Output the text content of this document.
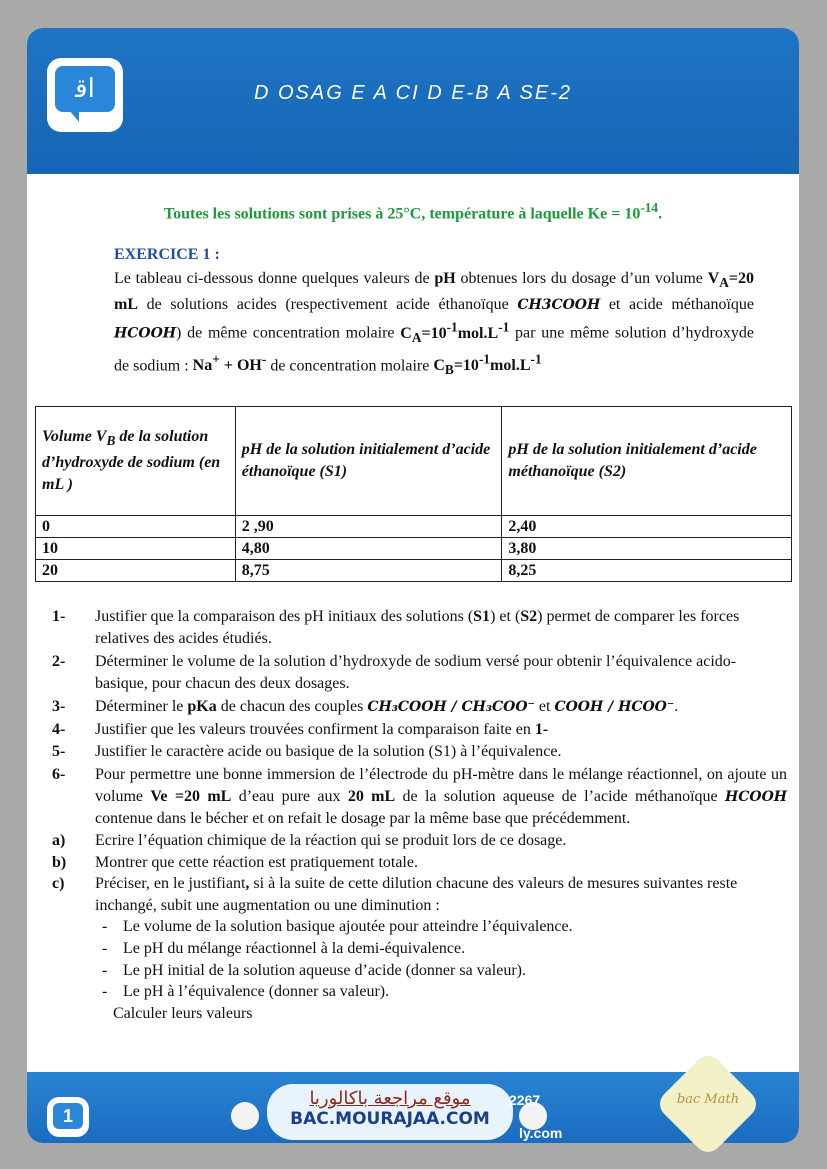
ﺍﻗ	D OSAG E A CI D E-B A SE-2
Toutes les solutions sont prises à 25°C, température à laquelle $Ke = 10^{-14}$.
EXERCICE 1 :
Le tableau ci-dessous donne quelques valeurs de pH obtenues lors du dosage d’un volume $V_A=20$ mL de solutions acides (respectivement acide éthanoïque CH3COOH et acide méthanoïque HCOOH) de même concentration molaire $C_A=10^{-1}mol.L^{-1}$ par une même solution d’hydroxyde de sodium : Na+ + OH- de concentration molaire $C_B=10^{-1}mol.L^{-1}$
Volume $V_B$ de la solution d’hydroxyde de sodium (en mL )	pH de la solution initialement d’acide éthanoïque (S1)	pH de la solution initialement d’acide méthanoïque (S2)
0	2 ,90	2,40
10	4,80	3,80
20	8,75	8,25
1- Justifier que la comparaison des pH initiaux des solutions (S1) et (S2) permet de comparer les forces relatives des acides étudiés.
2- Déterminer le volume de la solution d’hydroxyde de sodium versé pour obtenir l’équivalence acido-basique, pour chacun des deux dosages.
3- Déterminer le pKa de chacun des couples CH₃COOH / CH₃COO⁻ et COOH / HCOO⁻.
4- Justifier que les valeurs trouvées confirment la comparaison faite en 1-
5- Justifier le caractère acide ou basique de la solution (S1) à l’équivalence.
6- Pour permettre une bonne immersion de l’électrode du pH-mètre dans le mélange réactionnel, on ajoute un volume Ve =20 mL d’eau pure aux 20 mL de la solution aqueuse de l’acide méthanoïque HCOOH contenue dans le bécher et on refait le dosage par la même base que précédemment.
a) Ecrire l’équation chimique de la réaction qui se produit lors de ce dosage.
b) Montrer que cette réaction est pratiquement totale.
c) Préciser, en le justifiant, si à la suite de cette dilution chacune des valeurs de mesures suivantes reste inchangé, subit une augmentation ou une diminution :
- Le volume de la solution basique ajoutée pour atteindre l’équivalence.
- Le pH du mélange réactionnel à la demi-équivalence.
- Le pH initial de la solution aqueuse d’acide (donner sa valeur).
- Le pH à l’équivalence (donner sa valeur).
Calculer leurs valeurs
1
موقع مراجعة باكالوريا
BAC.MOURAJAA.COM
2267
ly.com
bac Math
